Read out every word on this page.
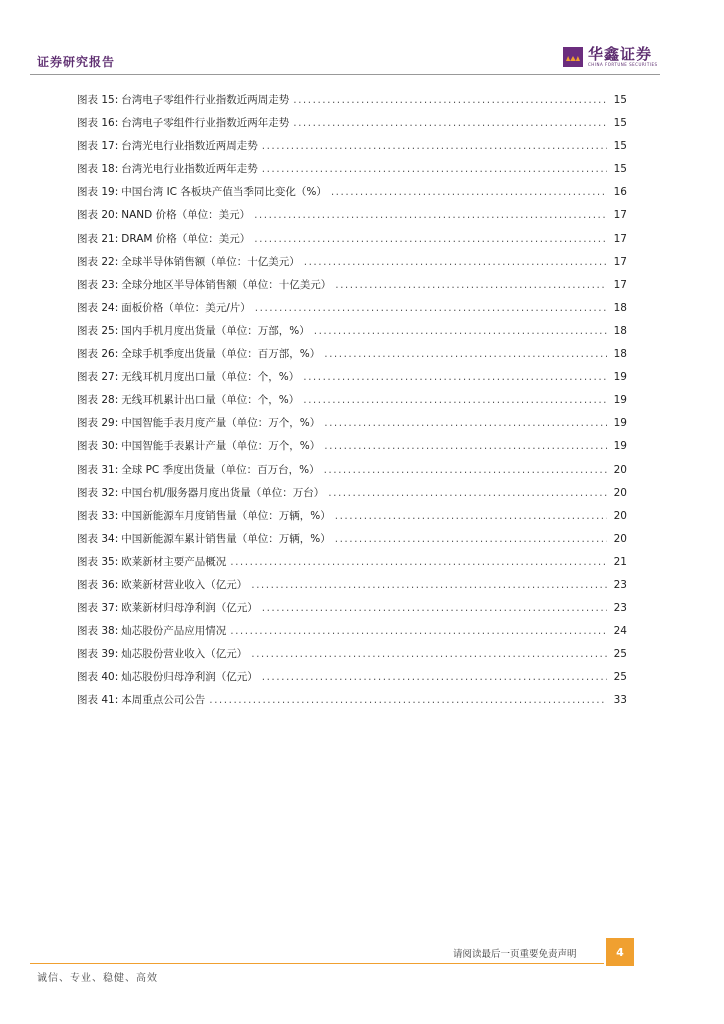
证券研究报告	华鑫证券
CHINA FORTUNE SECURITIES
图表 15: 台湾电子零组件行业指数近两周走势 .....	15
图表 16: 台湾电子零组件行业指数近两年走势 .....	15
图表 17: 台湾光电行业指数近两周走势 .....	15
图表 18: 台湾光电行业指数近两年走势 .....	15
图表 19: 中国台湾 IC 各板块产值当季同比变化（%） .....	16
图表 20: NAND 价格（单位：美元） .....	17
图表 21: DRAM 价格（单位：美元） .....	17
图表 22: 全球半导体销售额（单位：十亿美元） .....	17
图表 23: 全球分地区半导体销售额（单位：十亿美元） .....	17
图表 24: 面板价格（单位：美元/片） .....	18
图表 25: 国内手机月度出货量（单位：万部，%） .....	18
图表 26: 全球手机季度出货量（单位：百万部，%） .....	18
图表 27: 无线耳机月度出口量（单位：个，%） .....	19
图表 28: 无线耳机累计出口量（单位：个，%） .....	19
图表 29: 中国智能手表月度产量（单位：万个，%） .....	19
图表 30: 中国智能手表累计产量（单位：万个，%） .....	19
图表 31: 全球 PC 季度出货量（单位：百万台，%） .....	20
图表 32: 中国台机/服务器月度出货量（单位：万台） .....	20
图表 33: 中国新能源车月度销售量（单位：万辆，%） .....	20
图表 34: 中国新能源车累计销售量（单位：万辆，%） .....	20
图表 35: 欧莱新材主要产品概况 .....	21
图表 36: 欧莱新材营业收入（亿元） .....	23
图表 37: 欧莱新材归母净利润（亿元） .....	23
图表 38: 灿芯股份产品应用情况 .....	24
图表 39: 灿芯股份营业收入（亿元） .....	25
图表 40: 灿芯股份归母净利润（亿元） .....	25
图表 41: 本周重点公司公告 .....	33
请阅读最后一页重要免责声明	4
诚信、专业、稳健、高效
